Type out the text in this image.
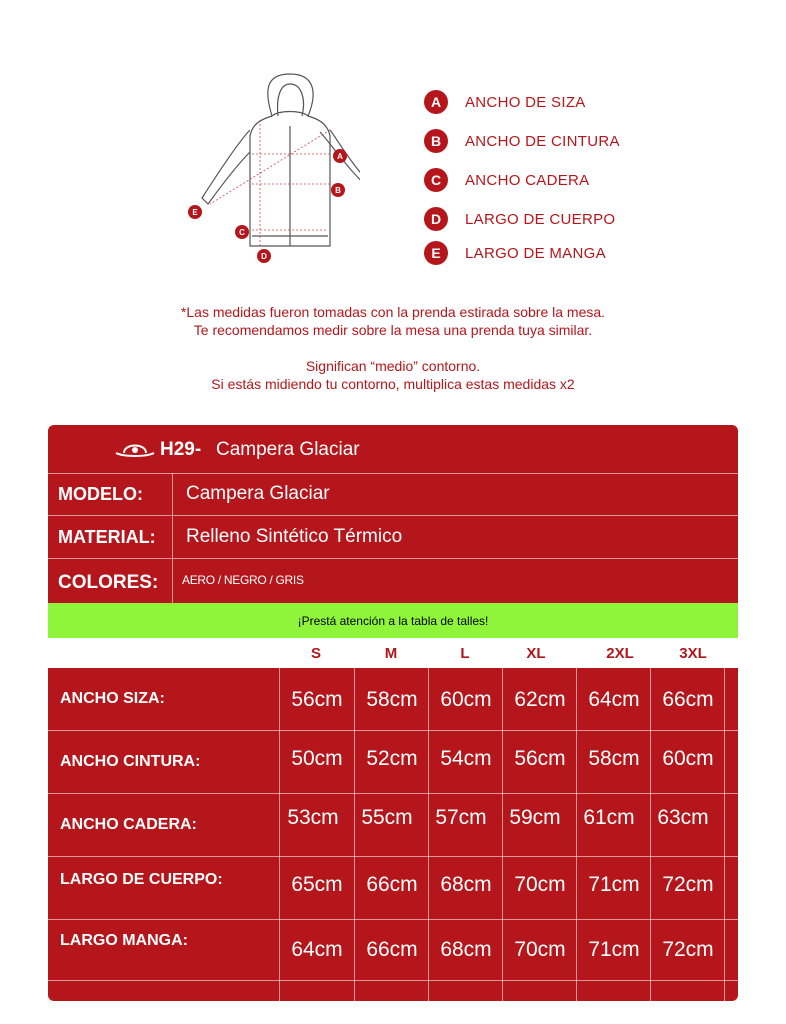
A
B
C
D
E
A	ANCHO DE SIZA
B	ANCHO DE CINTURA
C	ANCHO CADERA
D	LARGO DE CUERPO
E	LARGO DE MANGA
*Las medidas fueron tomadas con la prenda estirada sobre la mesa.
Te recomendamos medir sobre la mesa una prenda tuya similar.
Significan “medio” contorno.
Si estás midiendo tu contorno, multiplica estas medidas x2
H29- Campera Glaciar
MODELO: Campera Glaciar
MATERIAL: Relleno Sintético Térmico
COLORES: AERO / NEGRO / GRIS
¡Prestá atención a la tabla de talles!
S	M	L	XL	2XL	3XL
ANCHO SIZA:	56cm	58cm	60cm	62cm	64cm	66cm
ANCHO CINTURA:	50cm	52cm	54cm	56cm	58cm	60cm
ANCHO CADERA:	53cm	55cm	57cm	59cm	61cm	63cm
LARGO DE CUERPO:	65cm	66cm	68cm	70cm	71cm	72cm
LARGO MANGA:	64cm	66cm	68cm	70cm	71cm	72cm
